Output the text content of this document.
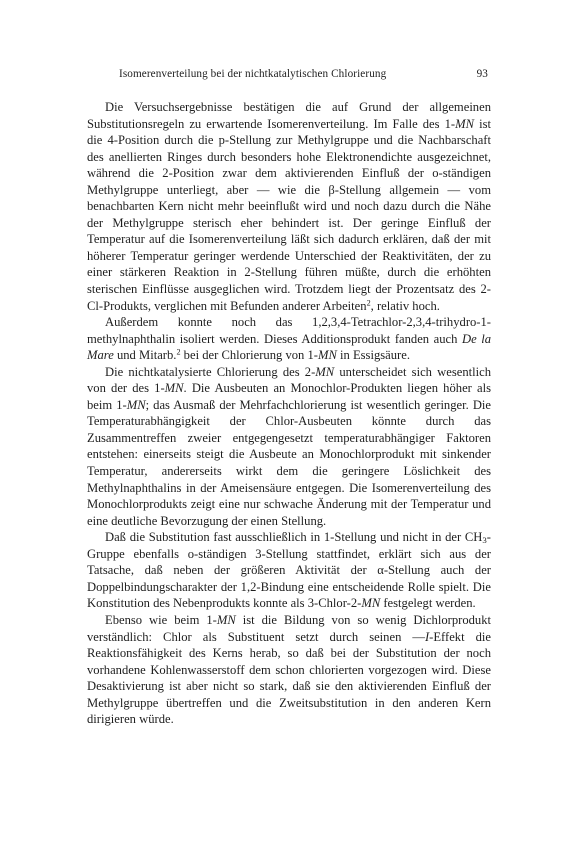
Isomerenverteilung bei der nichtkatalytischen Chlorierung	93

Die Versuchsergebnisse bestätigen die auf Grund der allgemeinen Substitutionsregeln zu erwartende Isomerenverteilung. Im Falle des 1-MN ist die 4-Position durch die p-Stellung zur Methylgruppe und die Nachbarschaft des anellierten Ringes durch besonders hohe Elektronendichte ausgezeichnet, während die 2-Position zwar dem aktivierenden Einfluß der o-ständigen Methylgruppe unterliegt, aber — wie die β-Stellung allgemein — vom benachbarten Kern nicht mehr beeinflußt wird und noch dazu durch die Nähe der Methylgruppe sterisch eher behindert ist. Der geringe Einfluß der Temperatur auf die Isomerenverteilung läßt sich dadurch erklären, daß der mit höherer Temperatur geringer werdende Unterschied der Reaktivitäten, der zu einer stärkeren Reaktion in 2-Stellung führen müßte, durch die erhöhten sterischen Einflüsse ausgeglichen wird. Trotzdem liegt der Prozentsatz des 2-Cl-Produkts, verglichen mit Befunden anderer Arbeiten$^2$, relativ hoch.

Außerdem konnte noch das 1,2,3,4-Tetrachlor-2,3,4-trihydro-1-methylnaphthalin isoliert werden. Dieses Additionsprodukt fanden auch De la Mare und Mitarb.$^2$ bei der Chlorierung von 1-MN in Essigsäure.

Die nichtkatalysierte Chlorierung des 2-MN unterscheidet sich wesentlich von der des 1-MN. Die Ausbeuten an Monochlor-Produkten liegen höher als beim 1-MN; das Ausmaß der Mehrfachchlorierung ist wesentlich geringer. Die Temperaturabhängigkeit der Chlor-Ausbeuten könnte durch das Zusammentreffen zweier entgegengesetzt temperaturabhängiger Faktoren entstehen: einerseits steigt die Ausbeute an Monochlorprodukt mit sinkender Temperatur, andererseits wirkt dem die geringere Löslichkeit des Methylnaphthalins in der Ameisensäure entgegen. Die Isomerenverteilung des Monochlorprodukts zeigt eine nur schwache Änderung mit der Temperatur und eine deutliche Bevorzugung der einen Stellung.

Daß die Substitution fast ausschließlich in 1-Stellung und nicht in der $CH_3$-Gruppe ebenfalls o-ständigen 3-Stellung stattfindet, erklärt sich aus der Tatsache, daß neben der größeren Aktivität der α-Stellung auch der Doppelbindungscharakter der 1,2-Bindung eine entscheidende Rolle spielt. Die Konstitution des Nebenprodukts konnte als 3-Chlor-2-MN festgelegt werden.

Ebenso wie beim 1-MN ist die Bildung von so wenig Dichlorprodukt verständlich: Chlor als Substituent setzt durch seinen —I-Effekt die Reaktionsfähigkeit des Kerns herab, so daß bei der Substitution der noch vorhandene Kohlenwasserstoff dem schon chlorierten vorgezogen wird. Diese Desaktivierung ist aber nicht so stark, daß sie den aktivierenden Einfluß der Methylgruppe übertreffen und die Zweitsubstitution in den anderen Kern dirigieren würde.
